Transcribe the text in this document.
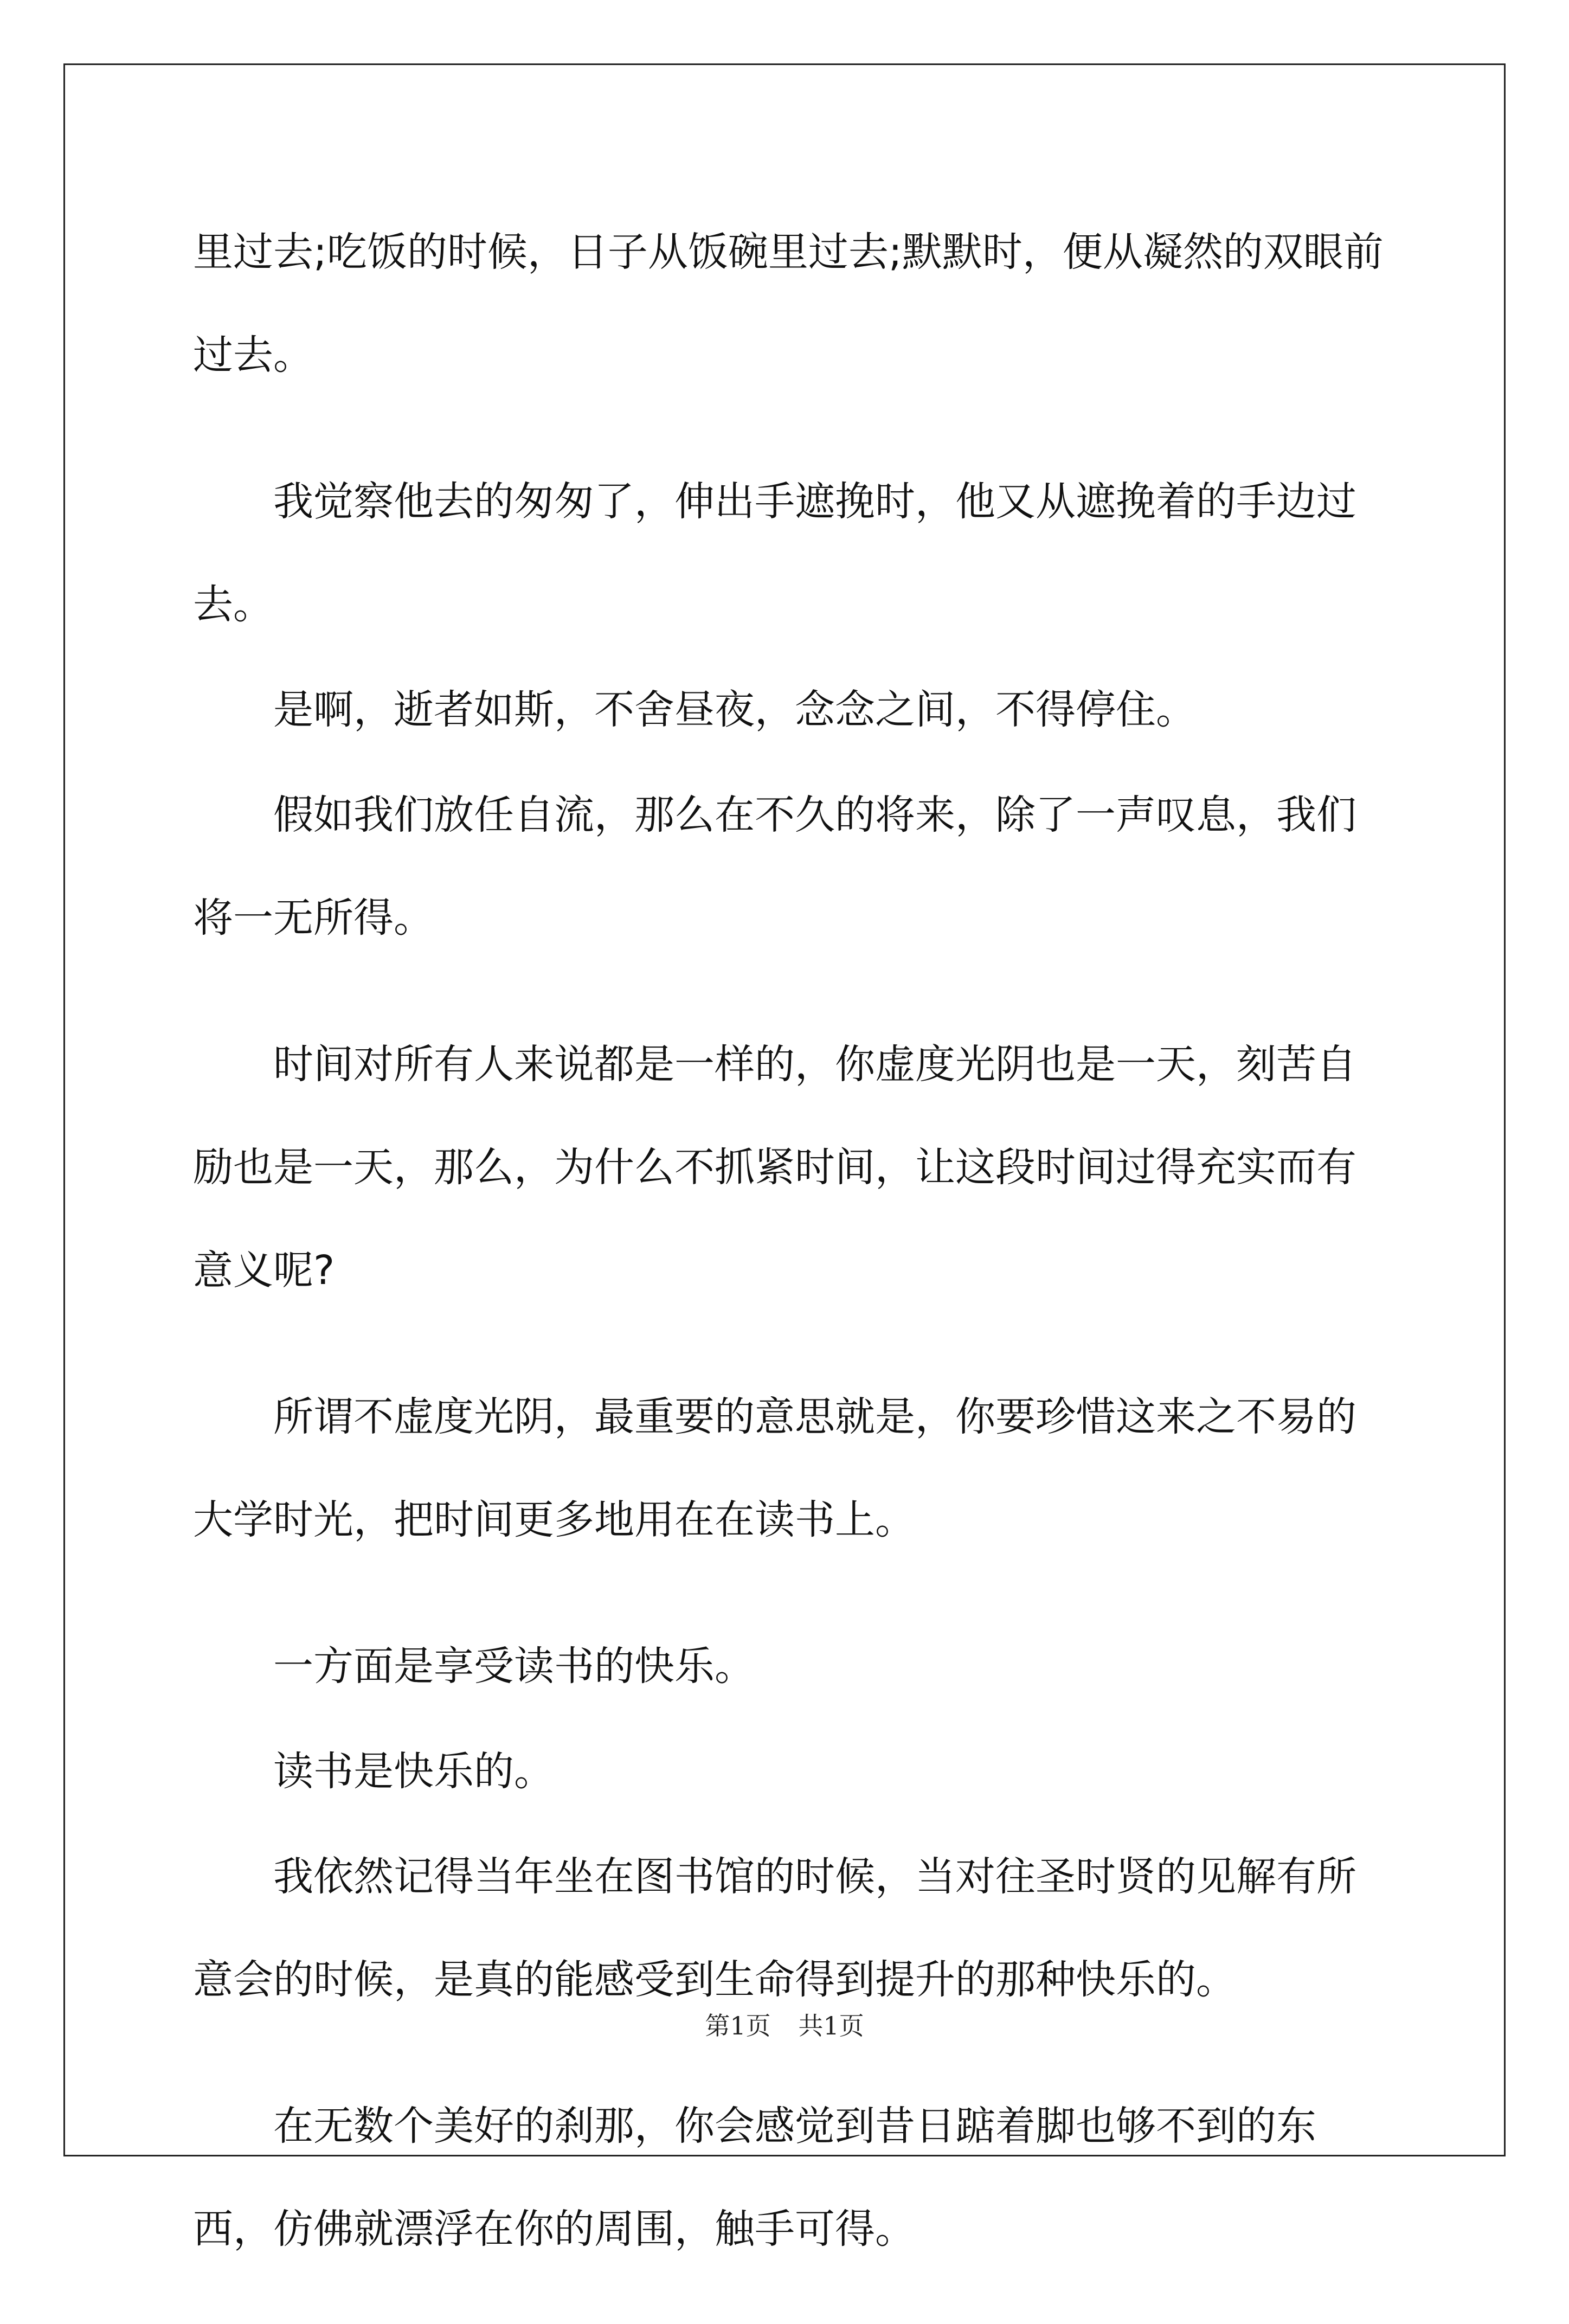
里过去;吃饭的时候，日子从饭碗里过去;默默时，便从凝然的双眼前过去。

我觉察他去的匆匆了，伸出手遮挽时，他又从遮挽着的手边过去。

是啊，逝者如斯，不舍昼夜，念念之间，不得停住。

假如我们放任自流，那么在不久的将来，除了一声叹息，我们将一无所得。

时间对所有人来说都是一样的，你虚度光阴也是一天，刻苦自励也是一天，那么，为什么不抓紧时间，让这段时间过得充实而有意义呢?

所谓不虚度光阴，最重要的意思就是，你要珍惜这来之不易的大学时光，把时间更多地用在在读书上。

一方面是享受读书的快乐。

读书是快乐的。

我依然记得当年坐在图书馆的时候，当对往圣时贤的见解有所意会的时候，是真的能感受到生命得到提升的那种快乐的。

在无数个美好的刹那，你会感觉到昔日踮着脚也够不到的东西，仿佛就漂浮在你的周围，触手可得。

第1页 共1页
